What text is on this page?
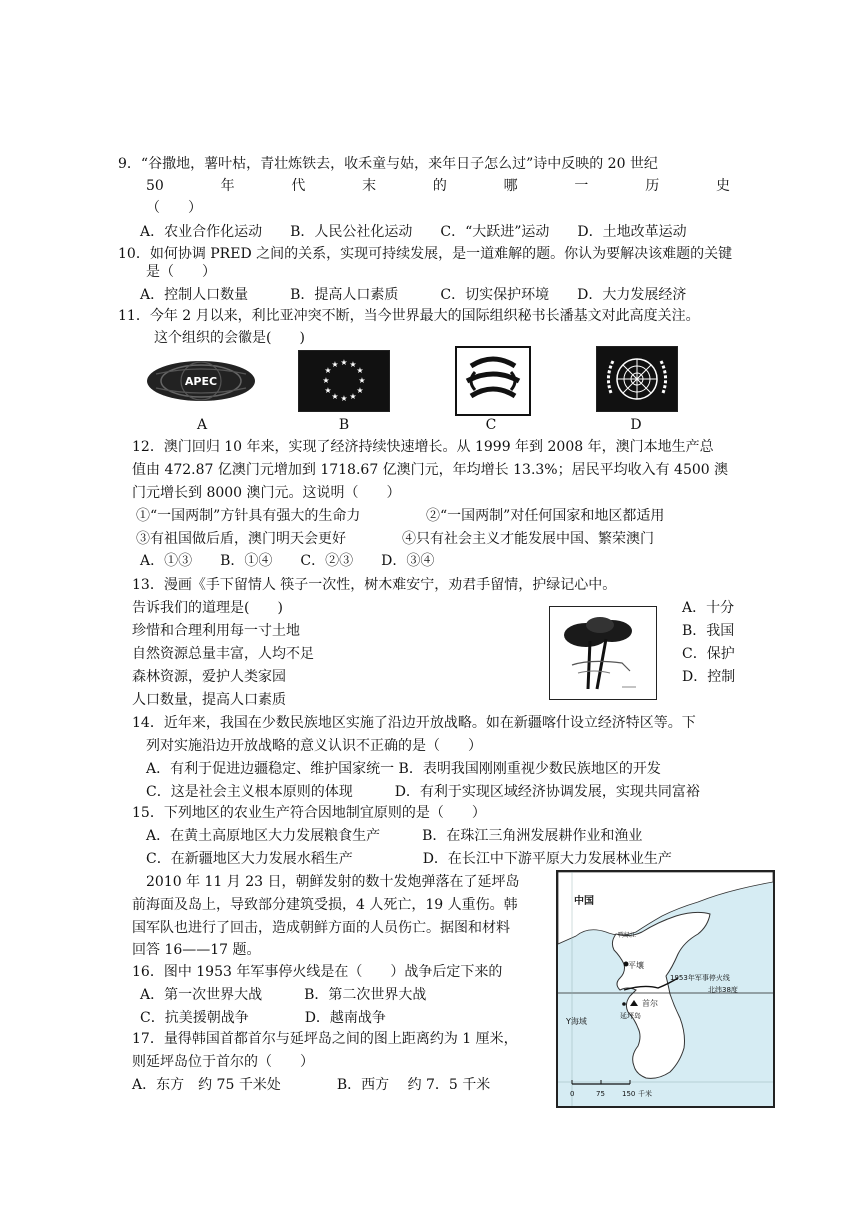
9．“谷撒地，薯叶枯，青壮炼铁去，收禾童与姑，来年日子怎么过”诗中反映的 20 世纪
50	年	代	末	的	哪	一	历	史
（　　）
A．农业合作化运动　　B．人民公社化运动　　C．“大跃进”运动　　D．土地改革运动
10．如何协调 PRED 之间的关系，实现可持续发展，是一道难解的题。你认为要解决该难题的关键
是（　　）
A．控制人口数量　　　B．提高人口素质　　　C．切实保护环境　　D．大力发展经济
11．今年 2 月以来，利比亚冲突不断，当今世界最大的国际组织秘书长潘基文对此高度关注。
这个组织的会徽是(　　)
APEC
★ ★
★
★
★
★
★
★
★
★
★
★
A	B	C	D
12．澳门回归 10 年来，实现了经济持续快速增长。从 1999 年到 2008 年，澳门本地生产总
值由 472.87 亿澳门元增加到 1718.67 亿澳门元，年均增长 13.3%；居民平均收入有 4500 澳
门元增长到 8000 澳门元。这说明（　　）
①“一国两制”方针具有强大的生命力	②“一国两制”对任何国家和地区都适用
③有祖国做后盾，澳门明天会更好	④只有社会主义才能发展中国、繁荣澳门
A．①③　　B．①④　　C．②③　　D．③④
13．漫画《手下留情人 筷子一次性，树木难安宁，劝君手留情，护绿记心中。
告诉我们的道理是(　　)
珍惜和合理利用每一寸土地
自然资源总量丰富，人均不足
森林资源，爱护人类家园
人口数量，提高人口素质
A．十分
B．我国
C．保护
D．控制
14．近年来，我国在少数民族地区实施了沿边开放战略。如在新疆喀什设立经济特区等。下
列对实施沿边开放战略的意义认识不正确的是（　　）
A．有利于促进边疆稳定、维护国家统一 B．表明我国刚刚重视少数民族地区的开发
C．这是社会主义根本原则的体现　　　D．有利于实现区域经济协调发展，实现共同富裕
15．下列地区的农业生产符合因地制宜原则的是（　　）
A．在黄土高原地区大力发展粮食生产　　　B．在珠江三角洲发展耕作业和渔业
C．在新疆地区大力发展水稻生产　　　　　D．在长江中下游平原大力发展林业生产
2010 年 11 月 23 日，朝鲜发射的数十发炮弹落在了延坪岛
前海面及岛上，导致部分建筑受损，4 人死亡，19 人重伤。韩
国军队也进行了回击，造成朝鲜方面的人员伤亡。据图和材料
回答 16——17 题。
16．图中 1953 年军事停火线是在（　　）战争后定下来的
A．第一次世界大战　　　B．第二次世界大战
C．抗美援朝战争　　　　D．越南战争
17．量得韩国首都首尔与延坪岛之间的图上距离约为 1 厘米，
则延坪岛位于首尔的（　　）
A．东方　约 75 千米处　　　　B．西方　 约 7．5 千米
中国
鸭绿江
平壤
1953年军事停火线
北纬38度
首尔
延坪岛
Y海域
0	75 150 千米
